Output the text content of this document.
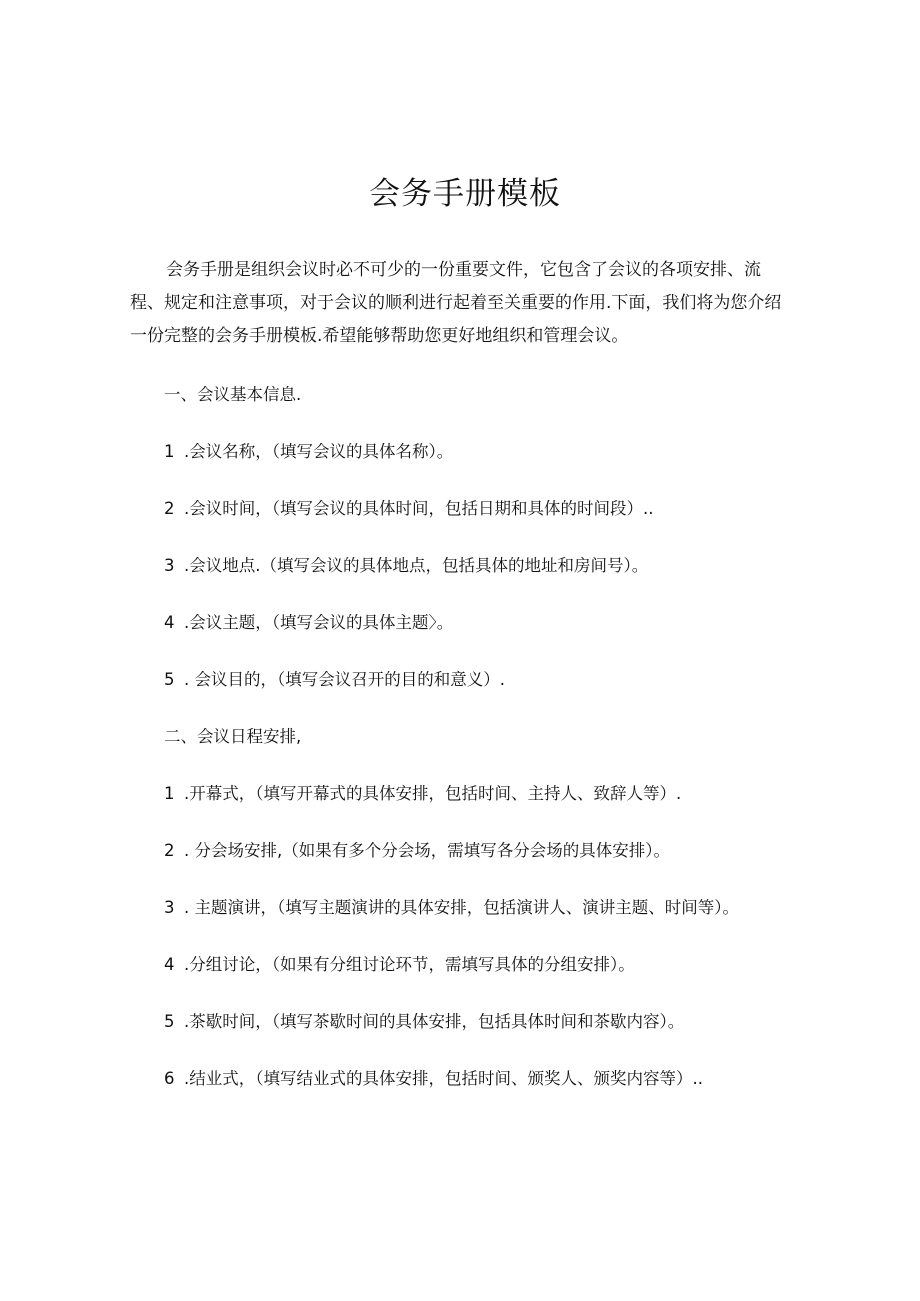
会务手册模板

会务手册是组织会议时必不可少的一份重要文件，它包含了会议的各项安排、流
程、规定和注意事项，对于会议的顺利进行起着至关重要的作用.下面，我们将为您介绍
一份完整的会务手册模板.希望能够帮助您更好地组织和管理会议。

一、会议基本信息.

1 .会议名称，（填写会议的具体名称）。

2 .会议时间，（填写会议的具体时间，包括日期和具体的时间段）..

3 .会议地点.（填写会议的具体地点，包括具体的地址和房间号）。

4 .会议主题，（填写会议的具体主题〉。

5 . 会议目的，（填写会议召开的目的和意义）.

二、会议日程安排,

1 .开幕式，（填写开幕式的具体安排，包括时间、主持人、致辞人等）.

2 . 分会场安排,（如果有多个分会场，需填写各分会场的具体安排）。

3 . 主题演讲，（填写主题演讲的具体安排，包括演讲人、演讲主题、时间等）。

4 .分组讨论，（如果有分组讨论环节，需填写具体的分组安排）。

5 .茶歇时间，（填写茶歇时间的具体安排，包括具体时间和茶歇内容）。

6 .结业式，（填写结业式的具体安排，包括时间、颁奖人、颁奖内容等）..
